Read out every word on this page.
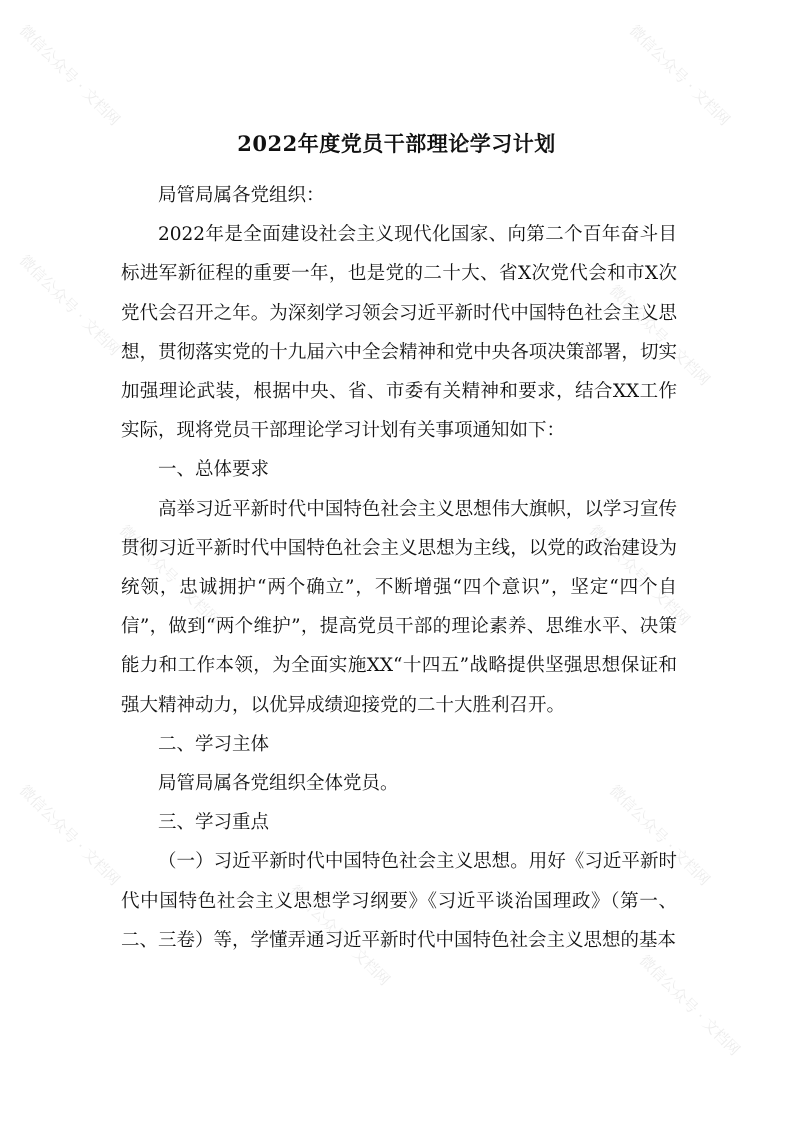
微信公众号 · 文档网	微信公众号 · 文档网
微信公众号 · 文档网	微信公众号 · 文档网
微信公众号 · 文档网	微信公众号 · 文档网
微信公众号 · 文档网	微信公众号 · 文档网
微信公众号 · 文档网
微信公众号 · 文档网
2022年度党员干部理论学习计划

局管局属各党组织：

2022年是全面建设社会主义现代化国家、向第二个百年奋斗目标进军新征程的重要一年，也是党的二十大、省X次党代会和市X次党代会召开之年。为深刻学习领会习近平新时代中国特色社会主义思想，贯彻落实党的十九届六中全会精神和党中央各项决策部署，切实加强理论武装，根据中央、省、市委有关精神和要求，结合XX工作实际，现将党员干部理论学习计划有关事项通知如下：

一、总体要求

高举习近平新时代中国特色社会主义思想伟大旗帜，以学习宣传贯彻习近平新时代中国特色社会主义思想为主线，以党的政治建设为统领，忠诚拥护“两个确立”，不断增强“四个意识”，坚定“四个自信”，做到“两个维护”，提高党员干部的理论素养、思维水平、决策能力和工作本领，为全面实施XX“十四五”战略提供坚强思想保证和强大精神动力，以优异成绩迎接党的二十大胜利召开。

二、学习主体

局管局属各党组织全体党员。

三、学习重点

（一）习近平新时代中国特色社会主义思想。用好《习近平新时代中国特色社会主义思想学习纲要》《习近平谈治国理政》（第一、二、三卷）等，学懂弄通习近平新时代中国特色社会主义思想的基本
